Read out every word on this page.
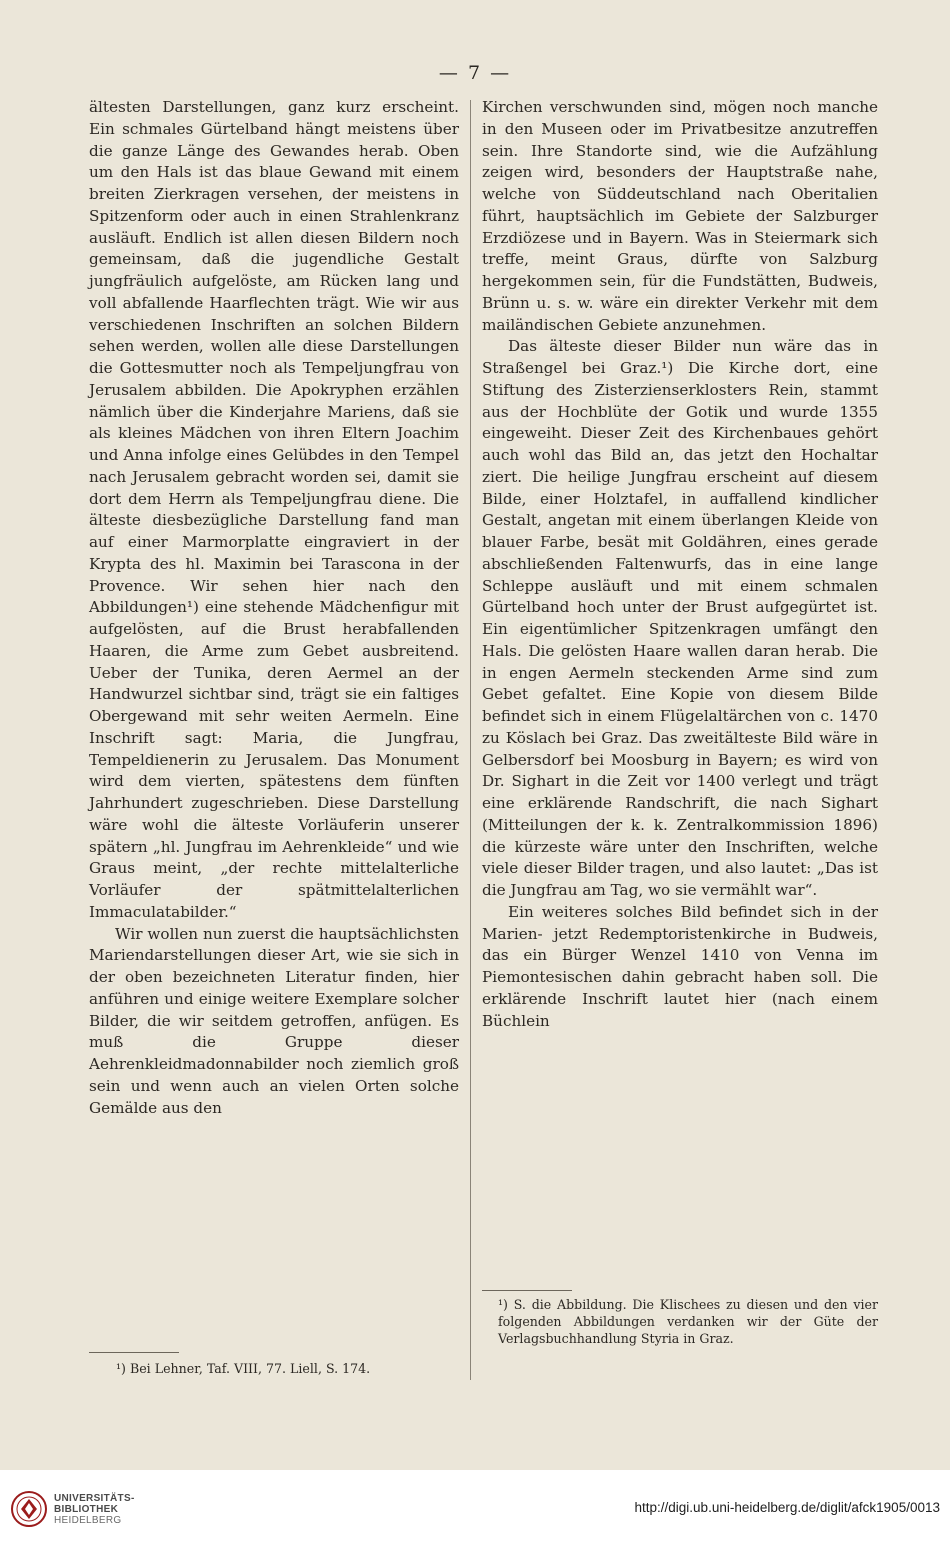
— 7 —

ältesten Darstellungen, ganz kurz erscheint. Ein schmales Gürtelband hängt meistens über die ganze Länge des Gewandes herab. Oben um den Hals ist das blaue Gewand mit einem breiten Zierkragen versehen, der meistens in Spitzenform oder auch in einen Strahlenkranz ausläuft. Endlich ist allen diesen Bildern noch gemeinsam, daß die jugendliche Gestalt jungfräulich aufgelöste, am Rücken lang und voll abfallende Haarflechten trägt. Wie wir aus verschiedenen Inschriften an solchen Bildern sehen werden, wollen alle diese Darstellungen die Gottesmutter noch als Tempeljungfrau von Jerusalem abbilden. Die Apokryphen erzählen nämlich über die Kinderjahre Mariens, daß sie als kleines Mädchen von ihren Eltern Joachim und Anna infolge eines Gelübdes in den Tempel nach Jerusalem gebracht worden sei, damit sie dort dem Herrn als Tempeljungfrau diene. Die älteste diesbezügliche Darstellung fand man auf einer Marmorplatte eingraviert in der Krypta des hl. Maximin bei Tarascona in der Provence. Wir sehen hier nach den Abbildungen¹) eine stehende Mädchenfigur mit aufgelösten, auf die Brust herabfallenden Haaren, die Arme zum Gebet ausbreitend. Ueber der Tunika, deren Aermel an der Handwurzel sichtbar sind, trägt sie ein faltiges Obergewand mit sehr weiten Aermeln. Eine Inschrift sagt: Maria, die Jungfrau, Tempeldienerin zu Jerusalem. Das Monument wird dem vierten, spätestens dem fünften Jahrhundert zugeschrieben. Diese Darstellung wäre wohl die älteste Vorläuferin unserer spätern „hl. Jungfrau im Aehrenkleide“ und wie Graus meint, „der rechte mittelalterliche Vorläufer der spätmittelalterlichen Immaculatabilder.“

Wir wollen nun zuerst die hauptsächlichsten Mariendarstellungen dieser Art, wie sie sich in der oben bezeichneten Literatur finden, hier anführen und einige weitere Exemplare solcher Bilder, die wir seitdem getroffen, anfügen. Es muß die Gruppe dieser Aehrenkleidmadonnabilder noch ziemlich groß sein und wenn auch an vielen Orten solche Gemälde aus den

Kirchen verschwunden sind, mögen noch manche in den Museen oder im Privatbesitze anzutreffen sein. Ihre Standorte sind, wie die Aufzählung zeigen wird, besonders der Hauptstraße nahe, welche von Süddeutschland nach Oberitalien führt, hauptsächlich im Gebiete der Salzburger Erzdiözese und in Bayern. Was in Steiermark sich treffe, meint Graus, dürfte von Salzburg hergekommen sein, für die Fundstätten, Budweis, Brünn u. s. w. wäre ein direkter Verkehr mit dem mailändischen Gebiete anzunehmen.

Das älteste dieser Bilder nun wäre das in Straßengel bei Graz.¹) Die Kirche dort, eine Stiftung des Zisterzienserklosters Rein, stammt aus der Hochblüte der Gotik und wurde 1355 eingeweiht. Dieser Zeit des Kirchenbaues gehört auch wohl das Bild an, das jetzt den Hochaltar ziert. Die heilige Jungfrau erscheint auf diesem Bilde, einer Holztafel, in auffallend kindlicher Gestalt, angetan mit einem überlangen Kleide von blauer Farbe, besät mit Goldähren, eines gerade abschließenden Faltenwurfs, das in eine lange Schleppe ausläuft und mit einem schmalen Gürtelband hoch unter der Brust aufgegürtet ist. Ein eigentümlicher Spitzenkragen umfängt den Hals. Die gelösten Haare wallen daran herab. Die in engen Aermeln steckenden Arme sind zum Gebet gefaltet. Eine Kopie von diesem Bilde befindet sich in einem Flügelaltärchen von c. 1470 zu Köslach bei Graz. Das zweitälteste Bild wäre in Gelbersdorf bei Moosburg in Bayern; es wird von Dr. Sighart in die Zeit vor 1400 verlegt und trägt eine erklärende Randschrift, die nach Sighart (Mitteilungen der k. k. Zentralkommission 1896) die kürzeste wäre unter den Inschriften, welche viele dieser Bilder tragen, und also lautet: „Das ist die Jungfrau am Tag, wo sie vermählt war“.

Ein weiteres solches Bild befindet sich in der Marien- jetzt Redemptoristenkirche in Budweis, das ein Bürger Wenzel 1410 von Venna im Piemontesischen dahin gebracht haben soll. Die erklärende Inschrift lautet hier (nach einem Büchlein

¹) Bei Lehner, Taf. VIII, 77. Liell, S. 174.
¹) S. die Abbildung. Die Klischees zu diesen und den vier folgenden Abbildungen verdanken wir der Güte der Verlagsbuchhandlung Styria in Graz.
UNIVERSITÄTS-
BIBLIOTHEK
HEIDELBERG
http://digi.ub.uni-heidelberg.de/diglit/afck1905/0013
